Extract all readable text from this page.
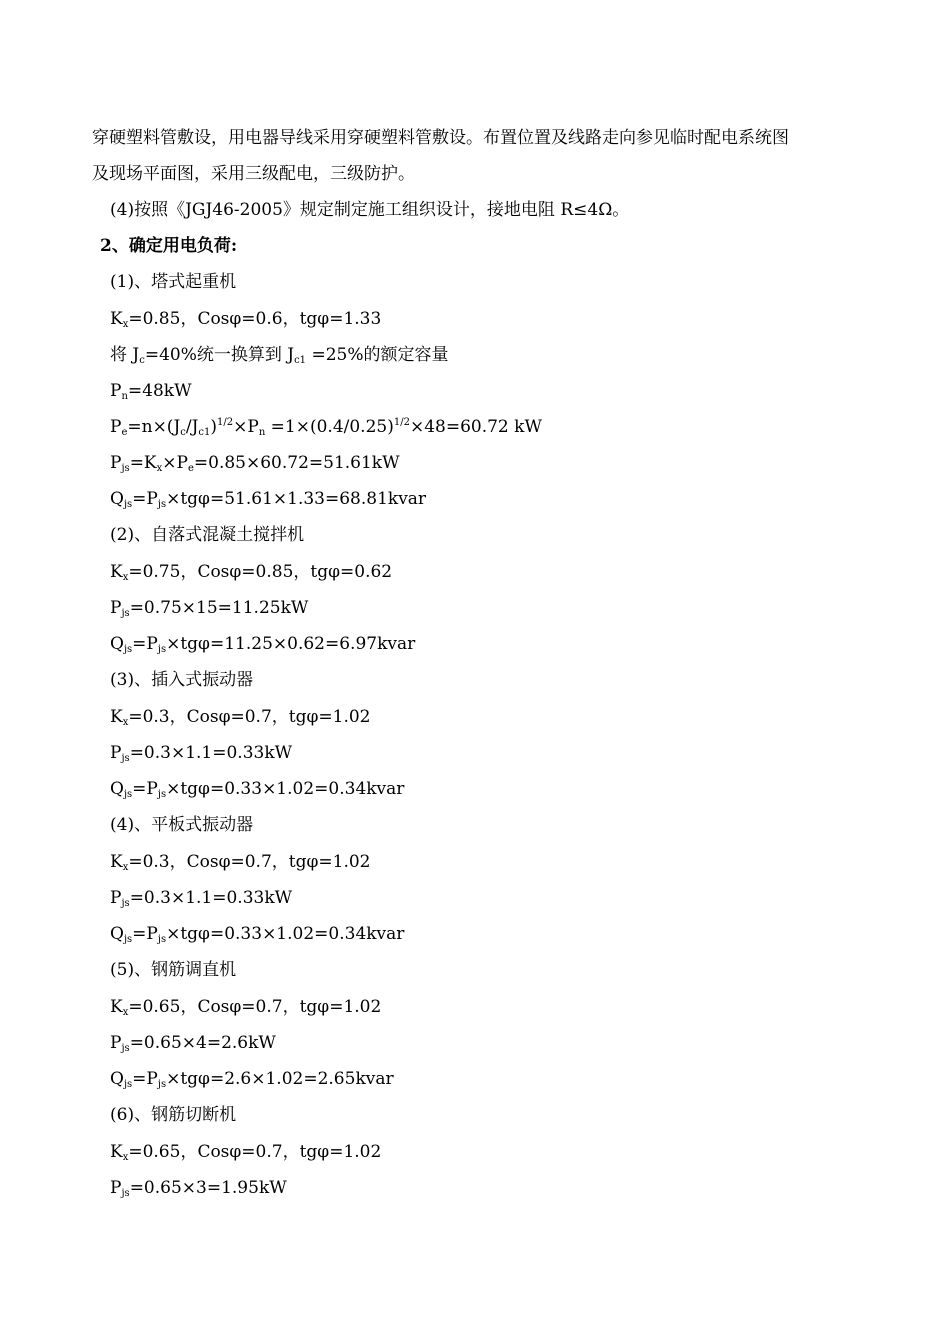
穿硬塑料管敷设，用电器导线采用穿硬塑料管敷设。布置位置及线路走向参见临时配电系统图
及现场平面图，采用三级配电，三级防护。
(4)按照《JGJ46-2005》规定制定施工组织设计，接地电阻 R≤4Ω。
2、确定用电负荷:
(1)、塔式起重机
$K_x=0.85$，Cosφ=0.6，tgφ=1.33
将 $J_c=40\%$统一换算到 $J_{c1} =25\%$的额定容量
$P_n=48kW$
$P_e=n\times(J_c/J_{c1})^{1/2}\times P_n =1\times(0.4/0.25)^{1/2}\times 48=60.72$ kW
$P_{js}=K_x\times P_e=0.85\times 60.72=51.61kW$
$Q_{js}=P_{js}\times tg\varphi=51.61\times 1.33=68.81kvar$
(2)、自落式混凝土搅拌机
$K_x=0.75$，Cosφ=0.85，tgφ=0.62
$P_{js}=0.75\times 15=11.25kW$
$Q_{js}=P_{js}\times tg\varphi=11.25\times 0.62=6.97kvar$
(3)、插入式振动器
$K_x=0.3$，Cosφ=0.7，tgφ=1.02
$P_{js}=0.3\times 1.1=0.33kW$
$Q_{js}=P_{js}\times tg\varphi=0.33\times 1.02=0.34kvar$
(4)、平板式振动器
$K_x=0.3$，Cosφ=0.7，tgφ=1.02
$P_{js}=0.3\times 1.1=0.33kW$
$Q_{js}=P_{js}\times tg\varphi=0.33\times 1.02=0.34kvar$
(5)、钢筋调直机
$K_x=0.65$，Cosφ=0.7，tgφ=1.02
$P_{js}=0.65\times 4=2.6kW$
$Q_{js}=P_{js}\times tg\varphi=2.6\times 1.02=2.65kvar$
(6)、钢筋切断机
$K_x=0.65$，Cosφ=0.7，tgφ=1.02
$P_{js}=0.65\times 3=1.95kW$
